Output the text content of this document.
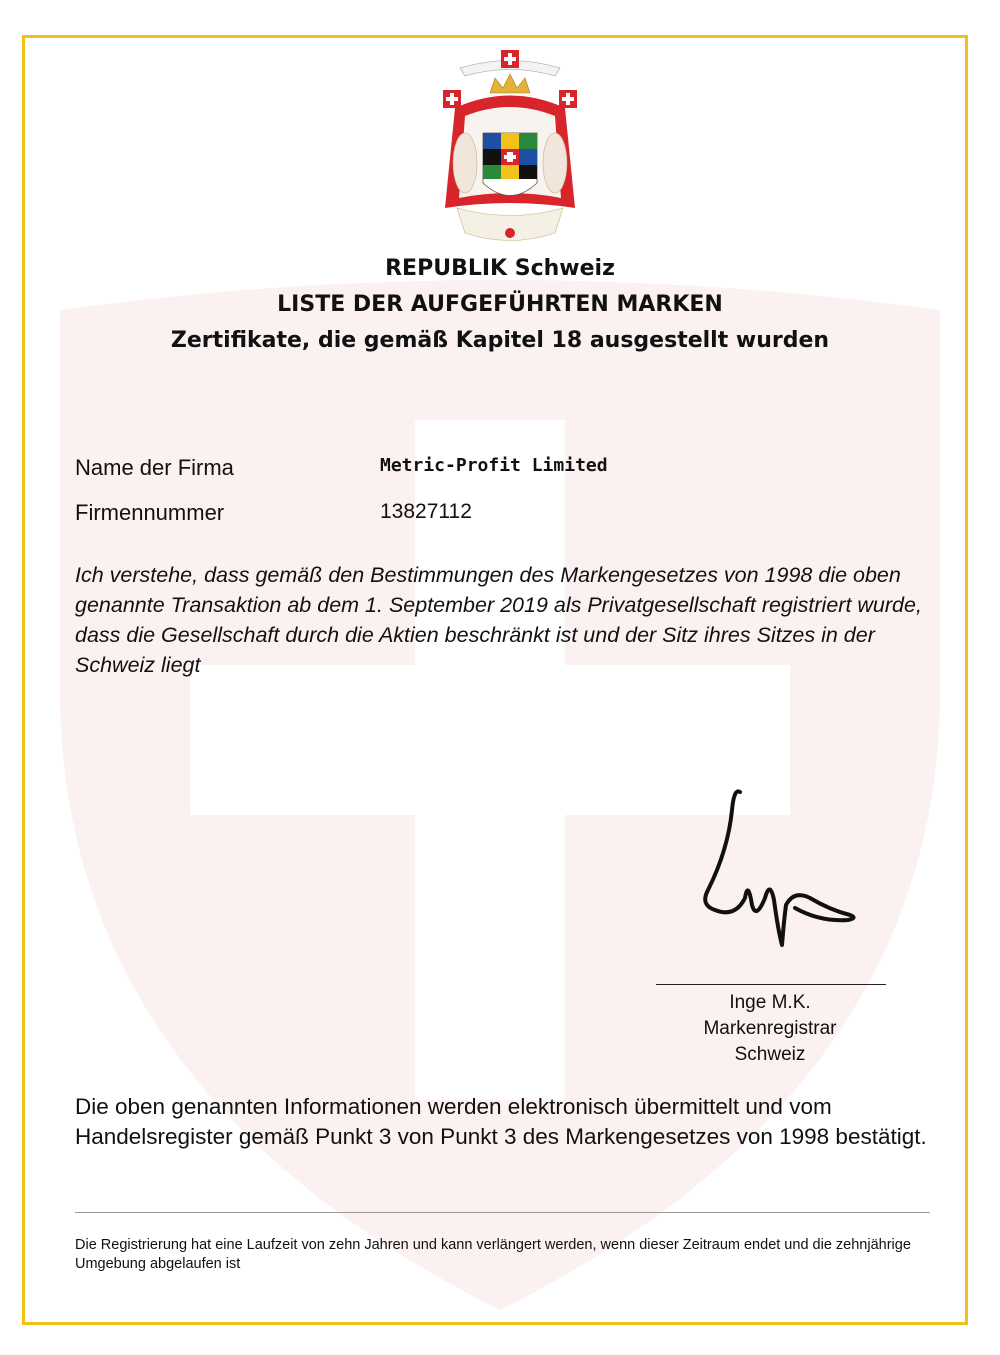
REPUBLIK Schweiz
LISTE DER AUFGEFÜHRTEN MARKEN
Zertifikate, die gemäß Kapitel 18 ausgestellt wurden
Name der Firma	Metric-Profit Limited
Firmennummer	13827112
Ich verstehe, dass gemäß den Bestimmungen des Markengesetzes von 1998 die oben genannte Transaktion ab dem 1. September 2019 als Privatgesellschaft registriert wurde, dass die Gesellschaft durch die Aktien beschränkt ist und der Sitz ihres Sitzes in der Schweiz liegt
Inge M.K.
Markenregistrar
Schweiz
Die oben genannten Informationen werden elektronisch übermittelt und vom Handelsregister gemäß Punkt 3 von Punkt 3 des Markengesetzes von 1998 bestätigt.
Die Registrierung hat eine Laufzeit von zehn Jahren und kann verlängert werden, wenn dieser Zeitraum endet und die zehnjährige Umgebung abgelaufen ist
